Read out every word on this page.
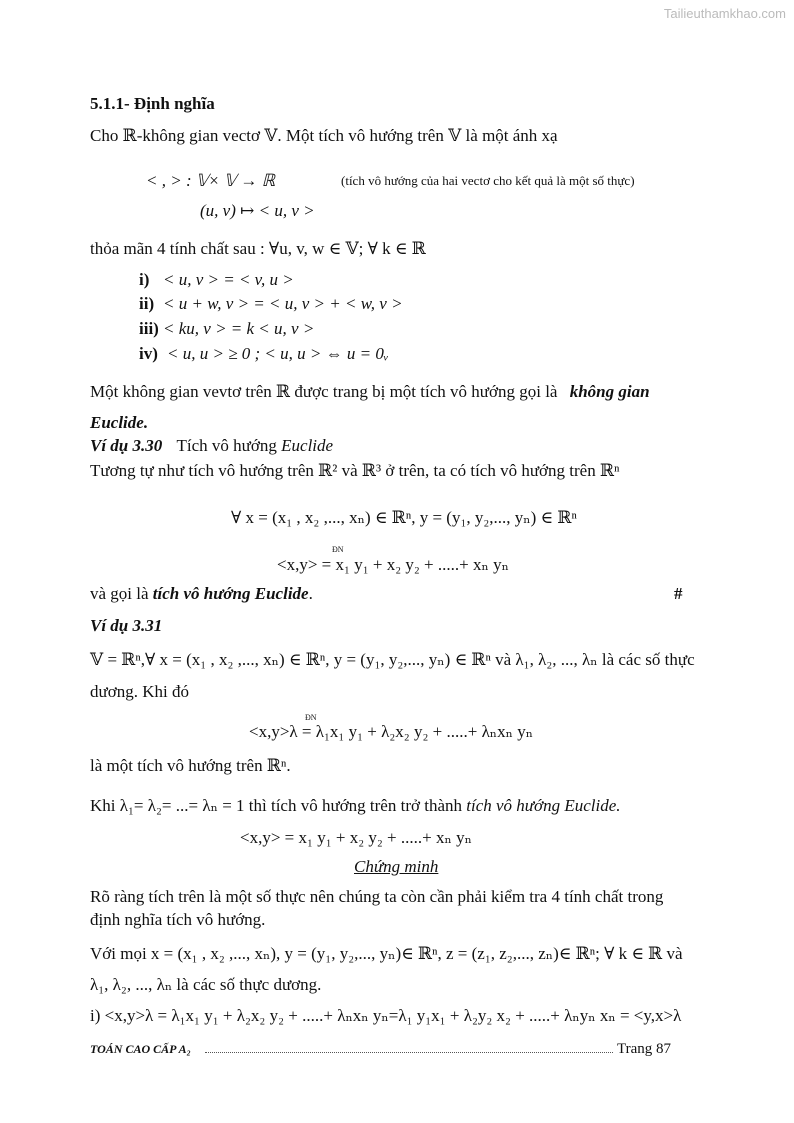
Tailieuthamkhao.com
5.1.1- Định nghĩa
Cho ℝ-không gian vectơ 𝕍. Một tích vô hướng trên 𝕍 là một ánh xạ
< , > : 𝕍× 𝕍 → ℝ	(tích vô hướng của hai vectơ cho kết quả là một số thực)
(u, v) ↦ < u, v >
thỏa mãn 4 tính chất sau : ∀u, v, w ∈ 𝕍; ∀ k ∈ ℝ
i) < u, v > = < v, u >
ii) < u + w, v > = < u, v > + < w, v >
iii) < ku, v > = k < u, v >
iv) < u, u > ≥ 0 ; < u, u > ⇔ u = 0ᵥ
Một không gian vevtơ trên ℝ được trang bị một tích vô hướng gọi là không gian
Euclide.
Ví dụ 3.30 Tích vô hướng Euclide
Tương tự như tích vô hướng trên ℝ² và ℝ³ ở trên, ta có tích vô hướng trên ℝⁿ
∀ x = (x₁ , x₂ ,..., xₙ) ∈ ℝⁿ, y = (y₁, y₂,..., yₙ) ∈ ℝⁿ
ĐN
<x,y> = x₁ y₁ + x₂ y₂ + .....+ xₙ yₙ
và gọi là tích vô hướng Euclide.	#
Ví dụ 3.31
𝕍 = ℝⁿ,∀ x = (x₁ , x₂ ,..., xₙ) ∈ ℝⁿ, y = (y₁, y₂,..., yₙ) ∈ ℝⁿ và λ₁, λ₂, ..., λₙ là các số thực
dương. Khi đó
ĐN
<x,y>λ = λ₁x₁ y₁ + λ₂x₂ y₂ + .....+ λₙxₙ yₙ
là một tích vô hướng trên ℝⁿ.
Khi λ₁= λ₂= ...= λₙ = 1 thì tích vô hướng trên trở thành tích vô hướng Euclide.
<x,y> = x₁ y₁ + x₂ y₂ + .....+ xₙ yₙ
Chứng minh
Rõ ràng tích trên là một số thực nên chúng ta còn cần phải kiểm tra 4 tính chất trong
định nghĩa tích vô hướng.
Với mọi x = (x₁ , x₂ ,..., xₙ), y = (y₁, y₂,..., yₙ)∈ ℝⁿ, z = (z₁, z₂,..., zₙ)∈ ℝⁿ; ∀ k ∈ ℝ và
λ₁, λ₂, ..., λₙ là các số thực dương.
i) <x,y>λ = λ₁x₁ y₁ + λ₂x₂ y₂ + .....+ λₙxₙ yₙ=λ₁ y₁x₁ + λ₂y₂ x₂ + .....+ λₙyₙ xₙ = <y,x>λ
TOÁN CAO CẤP A₂	Trang 87
